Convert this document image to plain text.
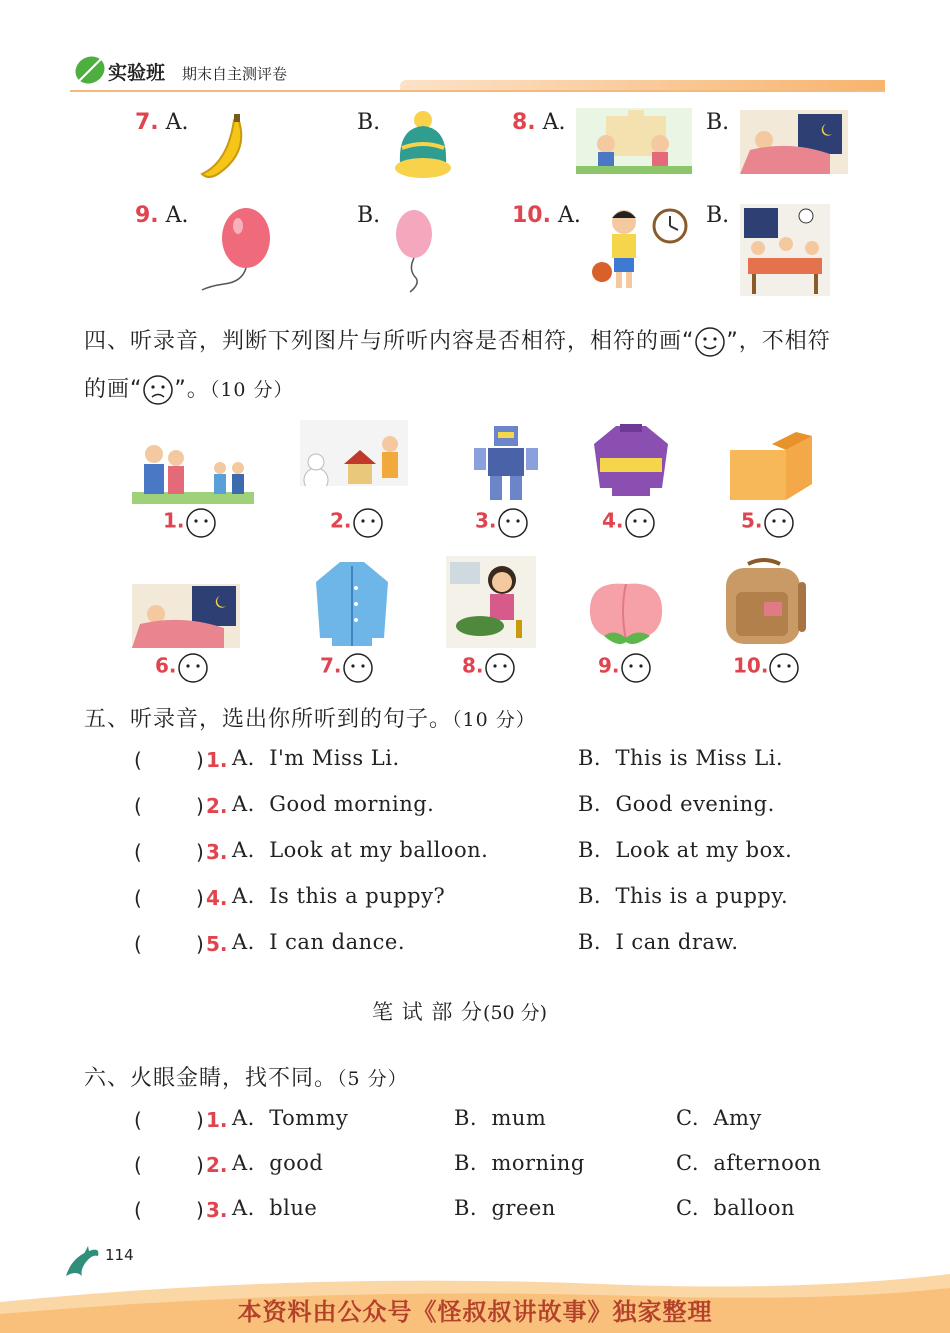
实验班 期末自主测评卷
7. A.	B.	8. A.	B.
9. A.	B.	10. A.	B.
四、听录音，判断下列图片与所听内容是否相符，相符的画“ ”，不相符
的画“ ”。（10 分）
1.	2.	3.	4.	5.
6.	7.	8.	9.	10.
五、听录音，选出你所听到的句子。（10 分）
(	) 1. A.  I'm Miss Li.	B.  This is Miss Li.
(	) 2. A.  Good morning.	B.  Good evening.
(	) 3. A.  Look at my balloon.	B.  Look at my box.
(	) 4. A.  Is this a puppy?	B.  This is a puppy.
(	) 5. A.  I can dance.	B.  I can draw.
笔 试 部 分(50 分)
六、火眼金睛，找不同。（5 分）
(	) 1. A.  Tommy	B.  mum	C.  Amy
(	) 2. A.  good	B.  morning	C.  afternoon
(	) 3. A.  blue	B.  green	C.  balloon
114
本资料由公众号《怪叔叔讲故事》独家整理
